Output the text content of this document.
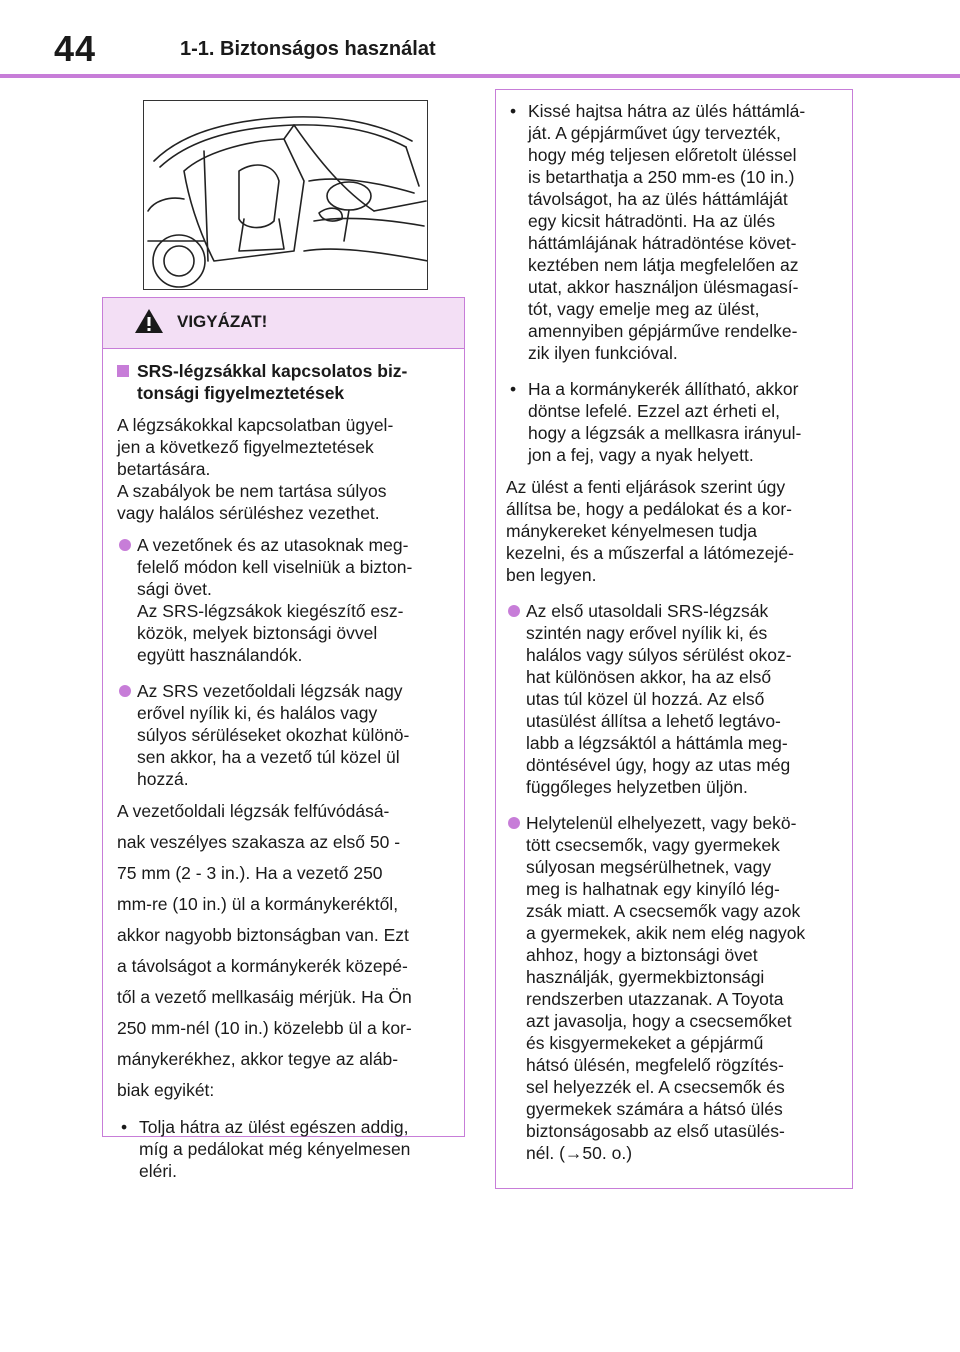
44	1-1. Biztonságos használat
VIGYÁZAT!

SRS-légzsákkal kapcsolatos biz-

tonsági figyelmeztetések

A légzsákokkal kapcsolatban ügyel-

jen a következő figyelmeztetések

betartására.

A szabályok be nem tartása súlyos

vagy halálos sérüléshez vezethet.

A vezetőnek és az utasoknak meg-

felelő módon kell viselniük a bizton-

sági övet.

Az SRS-légzsákok kiegészítő esz-

közök, melyek biztonsági övvel

együtt használandók.

Az SRS vezetőoldali légzsák nagy

erővel nyílik ki, és halálos vagy

súlyos sérüléseket okozhat különö-

sen akkor, ha a vezető túl közel ül

hozzá.

A vezetőoldali légzsák felfúvódásá-

nak veszélyes szakasza az első 50 -

75 mm (2 - 3 in.). Ha a vezető 250

mm-re (10 in.) ül a kormánykeréktől,

akkor nagyobb biztonságban van. Ezt

a távolságot a kormánykerék közepé-

től a vezető mellkasáig mérjük. Ha Ön

250 mm-nél (10 in.) közelebb ül a kor-

mánykerékhez, akkor tegye az aláb-

biak egyikét:

• Tolja hátra az ülést egészen addig,

míg a pedálokat még kényelmesen

eléri.

• Kissé hajtsa hátra az ülés háttámlá-

ját. A gépjárművet úgy tervezték,

hogy még teljesen előretolt üléssel

is betarthatja a 250 mm-es (10 in.)

távolságot, ha az ülés háttámláját

egy kicsit hátradönti. Ha az ülés

háttámlájának hátradöntése követ-

keztében nem látja megfelelően az

utat, akkor használjon ülésmagasí-

tót, vagy emelje meg az ülést,

amennyiben gépjárműve rendelke-

zik ilyen funkcióval.

• Ha a kormánykerék állítható, akkor

döntse lefelé. Ezzel azt érheti el,

hogy a légzsák a mellkasra irányul-

jon a fej, vagy a nyak helyett.

Az ülést a fenti eljárások szerint úgy

állítsa be, hogy a pedálokat és a kor-

mánykereket kényelmesen tudja

kezelni, és a műszerfal a látómezejé-

ben legyen.

Az első utasoldali SRS-légzsák

szintén nagy erővel nyílik ki, és

halálos vagy súlyos sérülést okoz-

hat különösen akkor, ha az első

utas túl közel ül hozzá. Az első

utasülést állítsa a lehető legtávo-

labb a légzsáktól a háttámla meg-

döntésével úgy, hogy az utas még

függőleges helyzetben üljön.

Helytelenül elhelyezett, vagy bekö-

tött csecsemők, vagy gyermekek

súlyosan megsérülhetnek, vagy

meg is halhatnak egy kinyíló lég-

zsák miatt. A csecsemők vagy azok

a gyermekek, akik nem elég nagyok

ahhoz, hogy a biztonsági övet

használják, gyermekbiztonsági

rendszerben utazzanak. A Toyota

azt javasolja, hogy a csecsemőket

és kisgyermekeket a gépjármű

hátsó ülésén, megfelelő rögzítés-

sel helyezzék el. A csecsemők és

gyermekek számára a hátsó ülés

biztonságosabb az első utasülés-

nél. (→50. o.)
